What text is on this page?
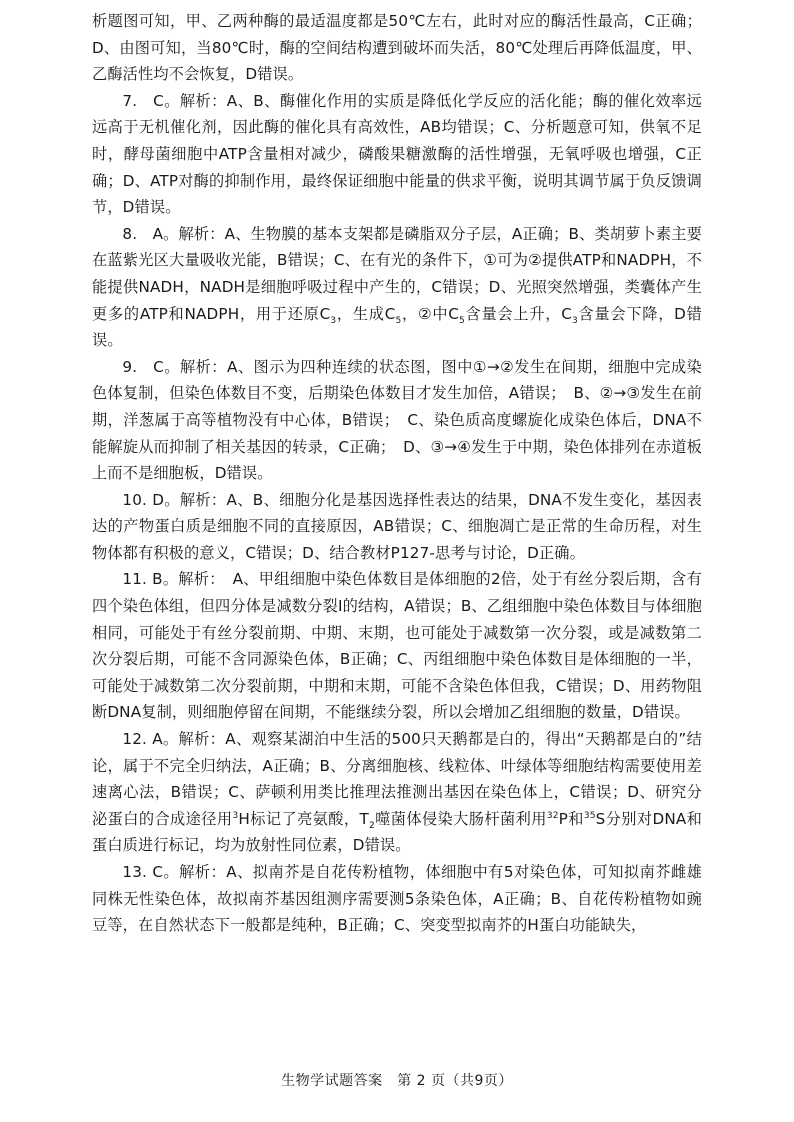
析题图可知，甲、乙两种酶的最适温度都是50℃左右，此时对应的酶活性最高，C正确；D、由图可知，当80℃时，酶的空间结构遭到破坏而失活，80℃处理后再降低温度，甲、乙酶活性均不会恢复，D错误。

7.　C。解析：A、B、酶催化作用的实质是降低化学反应的活化能；酶的催化效率远远高于无机催化剂，因此酶的催化具有高效性，AB均错误；C、分析题意可知，供氧不足时，酵母菌细胞中ATP含量相对减少，磷酸果糖激酶的活性增强，无氧呼吸也增强，C正确；D、ATP对酶的抑制作用，最终保证细胞中能量的供求平衡，说明其调节属于负反馈调节，D错误。

8.　A。解析：A、生物膜的基本支架都是磷脂双分子层，A正确；B、类胡萝卜素主要在蓝紫光区大量吸收光能，B错误；C、在有光的条件下，①可为②提供ATP和NADPH，不能提供NADH，NADH是细胞呼吸过程中产生的，C错误；D、光照突然增强，类囊体产生更多的ATP和NADPH，用于还原$C_3$，生成$C_5$，②中$C_5$含量会上升，$C_3$含量会下降，D错误。

9.　C。解析：A、图示为四种连续的状态图，图中①→②发生在间期，细胞中完成染色体复制，但染色体数目不变，后期染色体数目才发生加倍，A错误；　B、②→③发生在前期，洋葱属于高等植物没有中心体，B错误；　C、染色质高度螺旋化成染色体后，DNA不能解旋从而抑制了相关基因的转录，C正确；　D、③→④发生于中期，染色体排列在赤道板上而不是细胞板，D错误。

10. D。解析：A、B、细胞分化是基因选择性表达的结果，DNA不发生变化，基因表达的产物蛋白质是细胞不同的直接原因，AB错误；C、细胞凋亡是正常的生命历程，对生物体都有积极的意义，C错误；D、结合教材P127-思考与讨论，D正确。

11. B。解析：　A、甲组细胞中染色体数目是体细胞的2倍，处于有丝分裂后期，含有四个染色体组，但四分体是减数分裂Ⅰ的结构，A错误；B、乙组细胞中染色体数目与体细胞相同，可能处于有丝分裂前期、中期、末期，也可能处于减数第一次分裂，或是减数第二次分裂后期，可能不含同源染色体，B正确；C、丙组细胞中染色体数目是体细胞的一半，可能处于减数第二次分裂前期，中期和末期，可能不含染色体但我，C错误；D、用药物阻断DNA复制，则细胞停留在间期，不能继续分裂，所以会增加乙组细胞的数量，D错误。

12. A。解析：A、观察某湖泊中生活的500只天鹅都是白的，得出“天鹅都是白的”结论，属于不完全归纳法，A正确；B、分离细胞核、线粒体、叶绿体等细胞结构需要使用差速离心法，B错误；C、萨顿利用类比推理法推测出基因在染色体上，C错误；D、研究分泌蛋白的合成途径用$^3$H标记了亮氨酸，$T_2$噬菌体侵染大肠杆菌利用$^{32}$P和$^{35}$S分别对DNA和蛋白质进行标记，均为放射性同位素，D错误。

13. C。解析：A、拟南芥是自花传粉植物，体细胞中有5对染色体，可知拟南芥雌雄同株无性染色体，故拟南芥基因组测序需要测5条染色体，A正确；B、自花传粉植物如豌豆等，在自然状态下一般都是纯种，B正确；C、突变型拟南芥的H蛋白功能缺失，

生物学试题答案　第 2 页（共9页）
